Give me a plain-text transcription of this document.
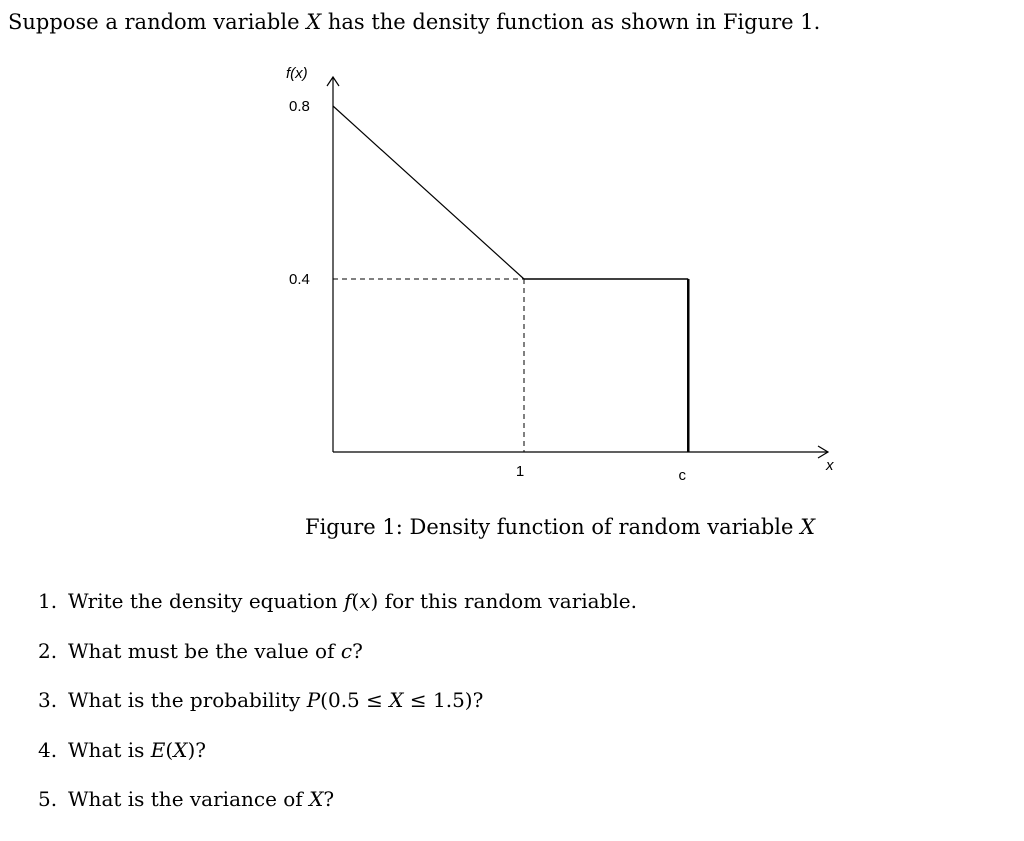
Suppose a random variable X has the density function as shown in Figure 1.

f(x)
x
0.8
0.4
1	c

Figure 1: Density function of random variable X

1. Write the density equation f(x) for this random variable.
2. What must be the value of c?
3. What is the probability P(0.5 ≤ X ≤ 1.5)?
4. What is E(X)?
5. What is the variance of X?
